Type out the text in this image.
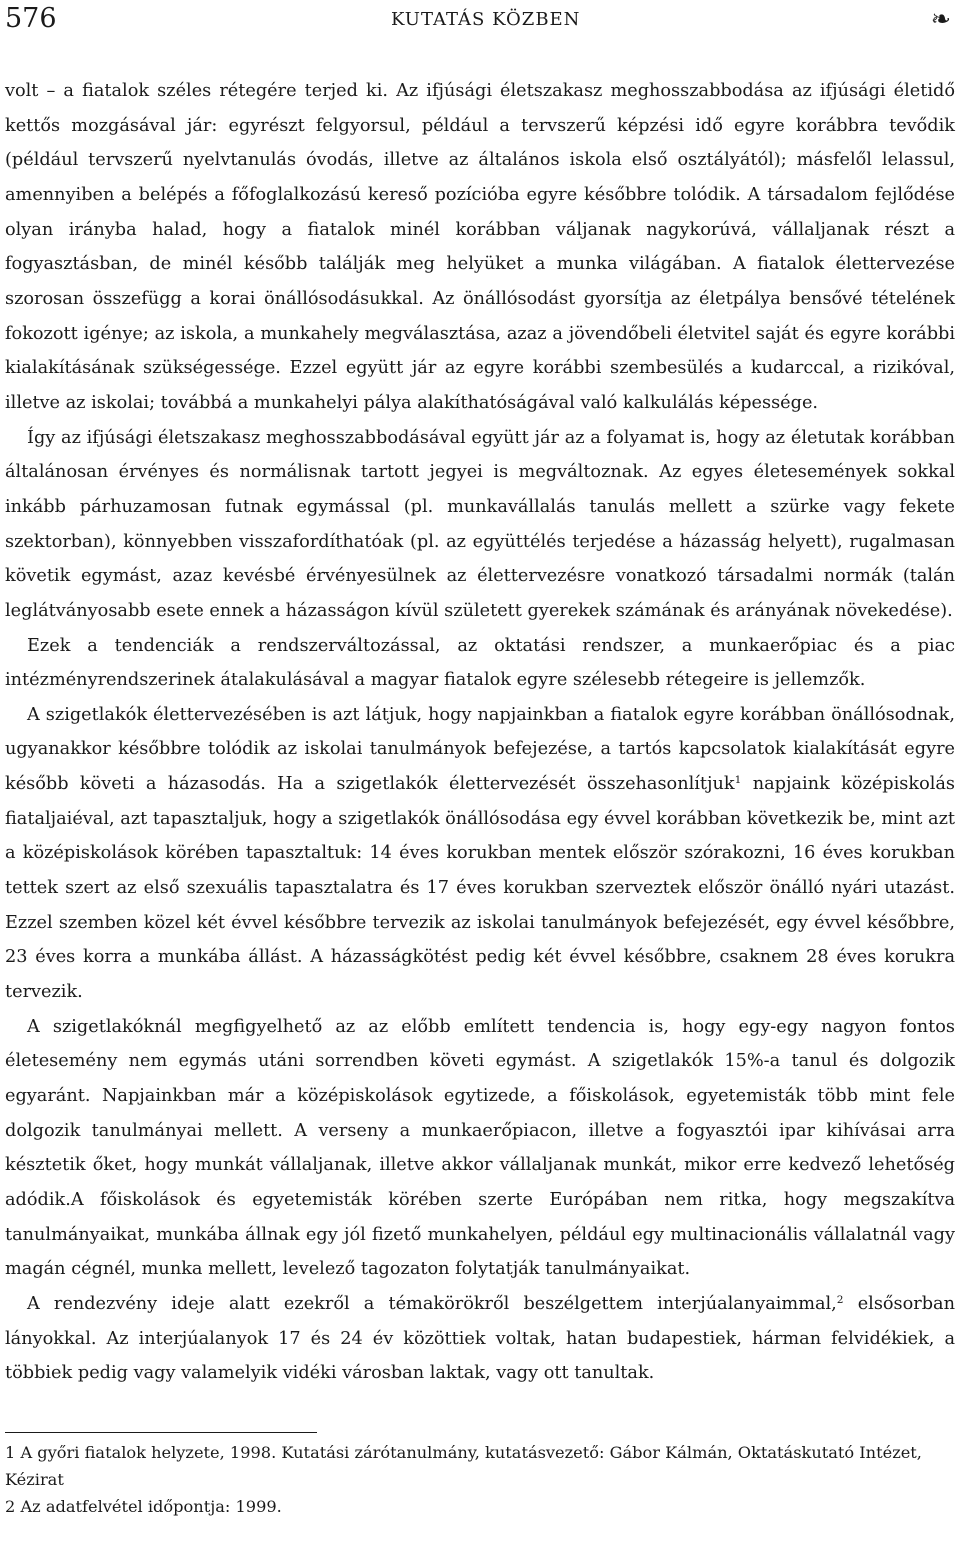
576	KUTATÁS KÖZBEN	❧

volt – a fiatalok széles rétegére terjed ki. Az ifjúsági életszakasz meghosszabbodása az ifjúsági életidő kettős mozgásával jár: egyrészt felgyorsul, például a tervszerű képzési idő egyre korábbra tevődik (például tervszerű nyelvtanulás óvodás, illetve az általános iskola első osztályától); másfelől lelassul, amennyiben a belépés a főfoglalkozású kereső pozícióba egyre későbbre tolódik. A társadalom fejlődése olyan irányba halad, hogy a fiatalok minél korábban váljanak nagykorúvá, vállaljanak részt a fogyasztásban, de minél később találják meg helyüket a munka világában. A fiatalok élettervezése szorosan összefügg a korai önállósodásukkal. Az önállósodást gyorsítja az életpálya bensővé tételének fokozott igénye; az iskola, a munkahely megválasztása, azaz a jövendőbeli életvitel saját és egyre korábbi kialakításának szükségessége. Ezzel együtt jár az egyre korábbi szembesülés a kudarccal, a rizikóval, illetve az iskolai; továbbá a munkahelyi pálya alakíthatóságával való kalkulálás képessége.

Így az ifjúsági életszakasz meghosszabbodásával együtt jár az a folyamat is, hogy az életutak korábban általánosan érvényes és normálisnak tartott jegyei is megváltoznak. Az egyes életesemények sokkal inkább párhuzamosan futnak egymással (pl. munkavállalás tanulás mellett a szürke vagy fekete szektorban), könnyebben visszafordíthatóak (pl. az együttélés terjedése a házasság helyett), rugalmasan követik egymást, azaz kevésbé érvényesülnek az élettervezésre vonatkozó társadalmi normák (talán leglátványosabb esete ennek a házasságon kívül született gyerekek számának és arányának növekedése).

Ezek a tendenciák a rendszerváltozással, az oktatási rendszer, a munkaerőpiac és a piac intézményrendszerinek átalakulásával a magyar fiatalok egyre szélesebb rétegeire is jellemzők.

A szigetlakók élettervezésében is azt látjuk, hogy napjainkban a fiatalok egyre korábban önállósodnak, ugyanakkor későbbre tolódik az iskolai tanulmányok befejezése, a tartós kapcsolatok kialakítását egyre később követi a házasodás. Ha a szigetlakók élettervezését összehasonlítjuk$^1$ napjaink középiskolás fiataljaiéval, azt tapasztaljuk, hogy a szigetlakók önállósodása egy évvel korábban következik be, mint azt a középiskolások körében tapasztaltuk: 14 éves korukban mentek először szórakozni, 16 éves korukban tettek szert az első szexuális tapasztalatra és 17 éves korukban szerveztek először önálló nyári utazást. Ezzel szemben közel két évvel későbbre tervezik az iskolai tanulmányok befejezését, egy évvel későbbre, 23 éves korra a munkába állást. A házasságkötést pedig két évvel későbbre, csaknem 28 éves korukra tervezik.

A szigetlakóknál megfigyelhető az az előbb említett tendencia is, hogy egy-egy nagyon fontos életesemény nem egymás utáni sorrendben követi egymást. A szigetlakók 15%-a tanul és dolgozik egyaránt. Napjainkban már a középiskolások egytizede, a főiskolások, egyetemisták több mint fele dolgozik tanulmányai mellett. A verseny a munkaerőpiacon, illetve a fogyasztói ipar kihívásai arra késztetik őket, hogy munkát vállaljanak, illetve akkor vállaljanak munkát, mikor erre kedvező lehetőség adódik.A főiskolások és egyetemisták körében szerte Európában nem ritka, hogy megszakítva tanulmányaikat, munkába állnak egy jól fizető munkahelyen, például egy multinacionális vállalatnál vagy magán cégnél, munka mellett, levelező tagozaton folytatják tanulmányaikat.

A rendezvény ideje alatt ezekről a témakörökről beszélgettem interjúalanyaimmal,$^2$ elsősorban lányokkal. Az interjúalanyok 17 és 24 év közöttiek voltak, hatan budapestiek, hárman felvidékiek, a többiek pedig vagy valamelyik vidéki városban laktak, vagy ott tanultak.

1 A győri fiatalok helyzete, 1998. Kutatási zárótanulmány, kutatásvezető: Gábor Kálmán, Oktatáskutató Intézet, Kézirat

2 Az adatfelvétel időpontja: 1999.
